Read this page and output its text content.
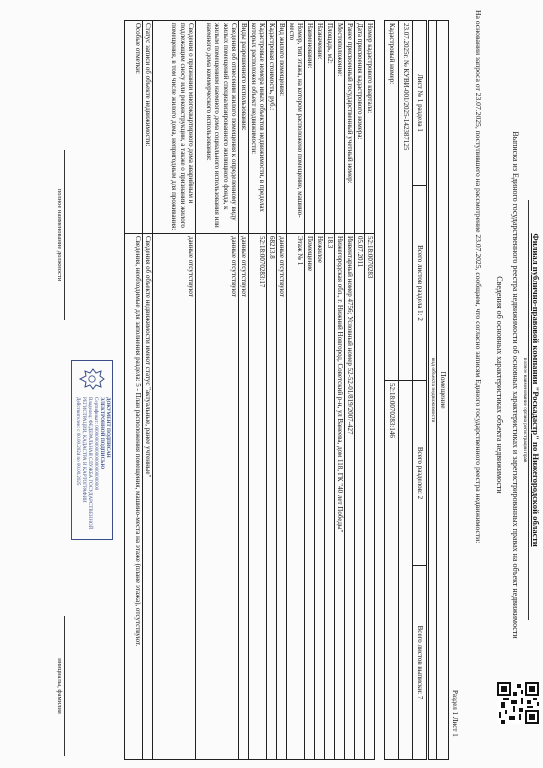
Филиал публично-правовой компании "Роскадастр" по Нижегородской области
полное наименование органа регистрации прав
Выписка из Единого государственного реестра недвижимости об основных характеристиках и зарегистрированных правах на объект недвижимости
Сведения об основных характеристиках объекта недвижимости
На основании запроса от 23.07.2025, поступившего на рассмотрение 23.07.2025, сообщаем, что согласно записям Единого государственного реестра недвижимости:
Раздел 1 Лист 1
Помещение
вид объекта недвижимости
Лист № 1 раздела 1	Всего листов раздела 1: 2	Всего разделов: 2	Всего листов выписки: 7
23.07.2025г. № КУВИ-001/2025-142387125			
Кадастровый номер:		52:18:0070283:146	
Номер кадастрового квартала:	52:18:0070283
Дата присвоения кадастрового номера:	05.07.2011
Ранее присвоенный государственный учетный номер:	Инвентарный номер 4756; Условный номер 52-52-01/819/2007-427
Местоположение:	Нижегородская обл., г. Нижний Новгород, Советский р-н, ул Ванеева, дом 118, ГК "40 лет Победы"
Площадь, м2:	18.3
Назначение:	Нежилое
Наименование:	Помещение
Номер, тип этажа, на котором расположено помещение, машино-место	Этаж № 1
Вид жилого помещения:	данные отсутствуют
Кадастровая стоимость, руб.:	68213.8
Кадастровые номера иных объектов недвижимости, в пределах которых расположен объект недвижимости:	52:18:0070283:17
Виды разрешенного использования:	данные отсутствуют
Сведения об отнесении жилого помещения к определенному виду жилых помещений специализированного жилищного фонда, к жилым помещениям наемного дома социального использования или наемного дома коммерческого использования:	данные отсутствуют
Сведения о признании многоквартирного дома аварийным и подлежащим сносу или реконструкции, а также о признании жилого помещения, в том числе жилого дома, непригодным для проживания:	данные отсутствуют
Статус записи об объекте недвижимости:	Сведения об объекте недвижимости имеют статус "актуальные, ранее учтенные"
Особые отметки:	Сведения, необходимые для заполнения раздела: 5 - План расположения помещения, машино-места на этаже (плане этажа), отсутствуют.
ДОКУМЕНТ ПОДПИСАН
ЭЛЕКТРОННОЙ ПОДПИСЬЮ
Сертификат: 00000000000000000000000000
Владелец: ФЕДЕРАЛЬНАЯ СЛУЖБА ГОСУДАРСТВЕННОЙ РЕГИСТРАЦИИ, КАДАСТРА И КАРТОГРАФИИ
Действителен: с 00.00.2024 по 00.00.2025
полное наименование должности
инициалы, фамилия
